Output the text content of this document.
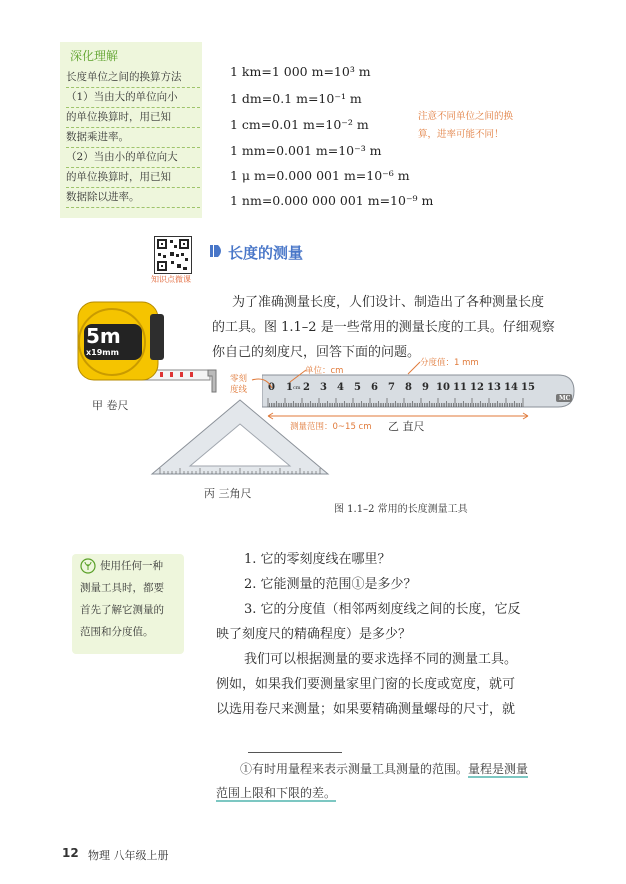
深化理解
长度单位之间的换算方法
（1）当由大的单位向小
的单位换算时，用已知
数据乘进率。
（2）当由小的单位向大
的单位换算时，用已知
数据除以进率。
1 km=1 000 m=10³ m
1 dm=0.1 m=10⁻¹ m
1 cm=0.01 m=10⁻² m
1 mm=0.001 m=10⁻³ m
1 μ m=0.000 001 m=10⁻⁶ m
1 nm=0.000 000 001 m=10⁻⁹ m
注意不同单位之间的换
算，进率可能不同！
知识点微课
长度的测量
为了准确测量长度，人们设计、制造出了各种测量长度
的工具。图 1.1–2 是一些常用的测量长度的工具。仔细观察
你自己的刻度尺，回答下面的问题。
5m
x19mm
甲 卷尺
0 1 cm 2 3 4 5 6 7 8 9 10 11 12 13 14 15
MC
零刻
度线
单位：cm
分度值：1 mm
测量范围：0~15 cm 乙 直尺
丙 三角尺
图 1.1–2 常用的长度测量工具
使用任何一种
测量工具时，都要
首先了解它测量的
范围和分度值。
1. 它的零刻度线在哪里？
2. 它能测量的范围①是多少？
3. 它的分度值（相邻两刻度线之间的长度，它反
映了刻度尺的精确程度）是多少？
我们可以根据测量的要求选择不同的测量工具。
例如，如果我们要测量家里门窗的长度或宽度，就可
以选用卷尺来测量；如果要精确测量螺母的尺寸，就
①有时用量程来表示测量工具测量的范围。量程是测量
范围上限和下限的差。
12 物理 八年级上册
